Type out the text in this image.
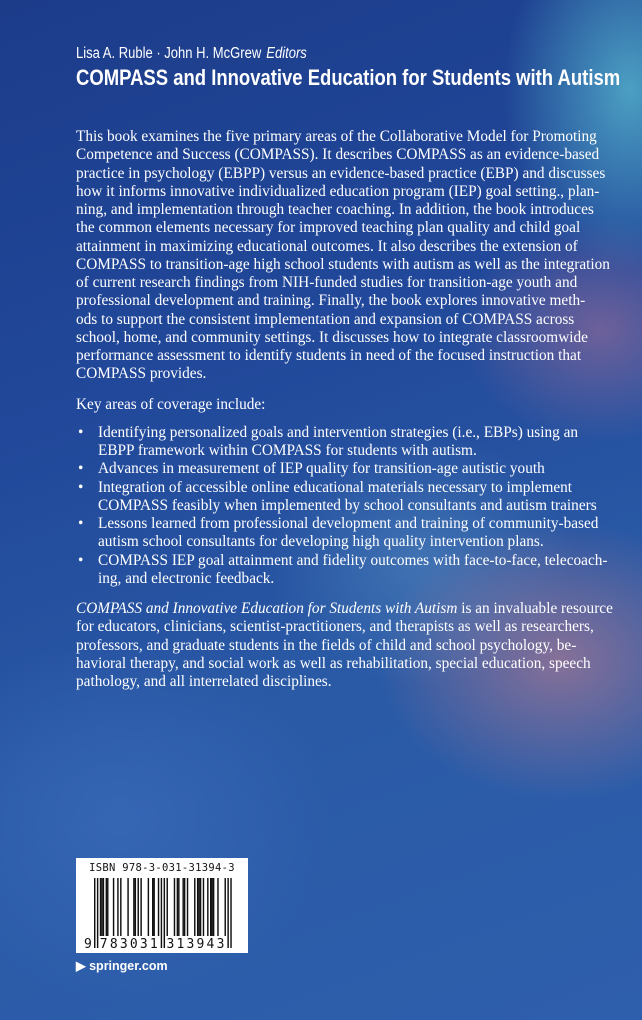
Lisa A. Ruble · John H. McGrew Editors
COMPASS and Innovative Education for Students with Autism
This book examines the five primary areas of the Collaborative Model for Promoting
Competence and Success (COMPASS). It describes COMPASS as an evidence-based
practice in psychology (EBPP) versus an evidence-based practice (EBP) and discusses
how it informs innovative individualized education program (IEP) goal setting., plan-
ning, and implementation through teacher coaching. In addition, the book introduces
the common elements necessary for improved teaching plan quality and child goal
attainment in maximizing educational outcomes. It also describes the extension of
COMPASS to transition-age high school students with autism as well as the integration
of current research findings from NIH-funded studies for transition-age youth and
professional development and training. Finally, the book explores innovative meth-
ods to support the consistent implementation and expansion of COMPASS across
school, home, and community settings. It discusses how to integrate classroomwide
performance assessment to identify students in need of the focused instruction that
COMPASS provides.
Key areas of coverage include:
• Identifying personalized goals and intervention strategies (i.e., EBPs) using an
EBPP framework within COMPASS for students with autism.
• Advances in measurement of IEP quality for transition-age autistic youth
• Integration of accessible online educational materials necessary to implement
COMPASS feasibly when implemented by school consultants and autism trainers
• Lessons learned from professional development and training of community-based
autism school consultants for developing high quality intervention plans.
• COMPASS IEP goal attainment and fidelity outcomes with face-to-face, telecoach-
ing, and electronic feedback.
COMPASS and Innovative Education for Students with Autism is an invaluable resource
for educators, clinicians, scientist-practitioners, and therapists as well as researchers,
professors, and graduate students in the fields of child and school psychology, be-
havioral therapy, and social work as well as rehabilitation, special education, speech
pathology, and all interrelated disciplines.
ISBN 978-3-031-31394-3
9 783031 313943
▶ springer.com
